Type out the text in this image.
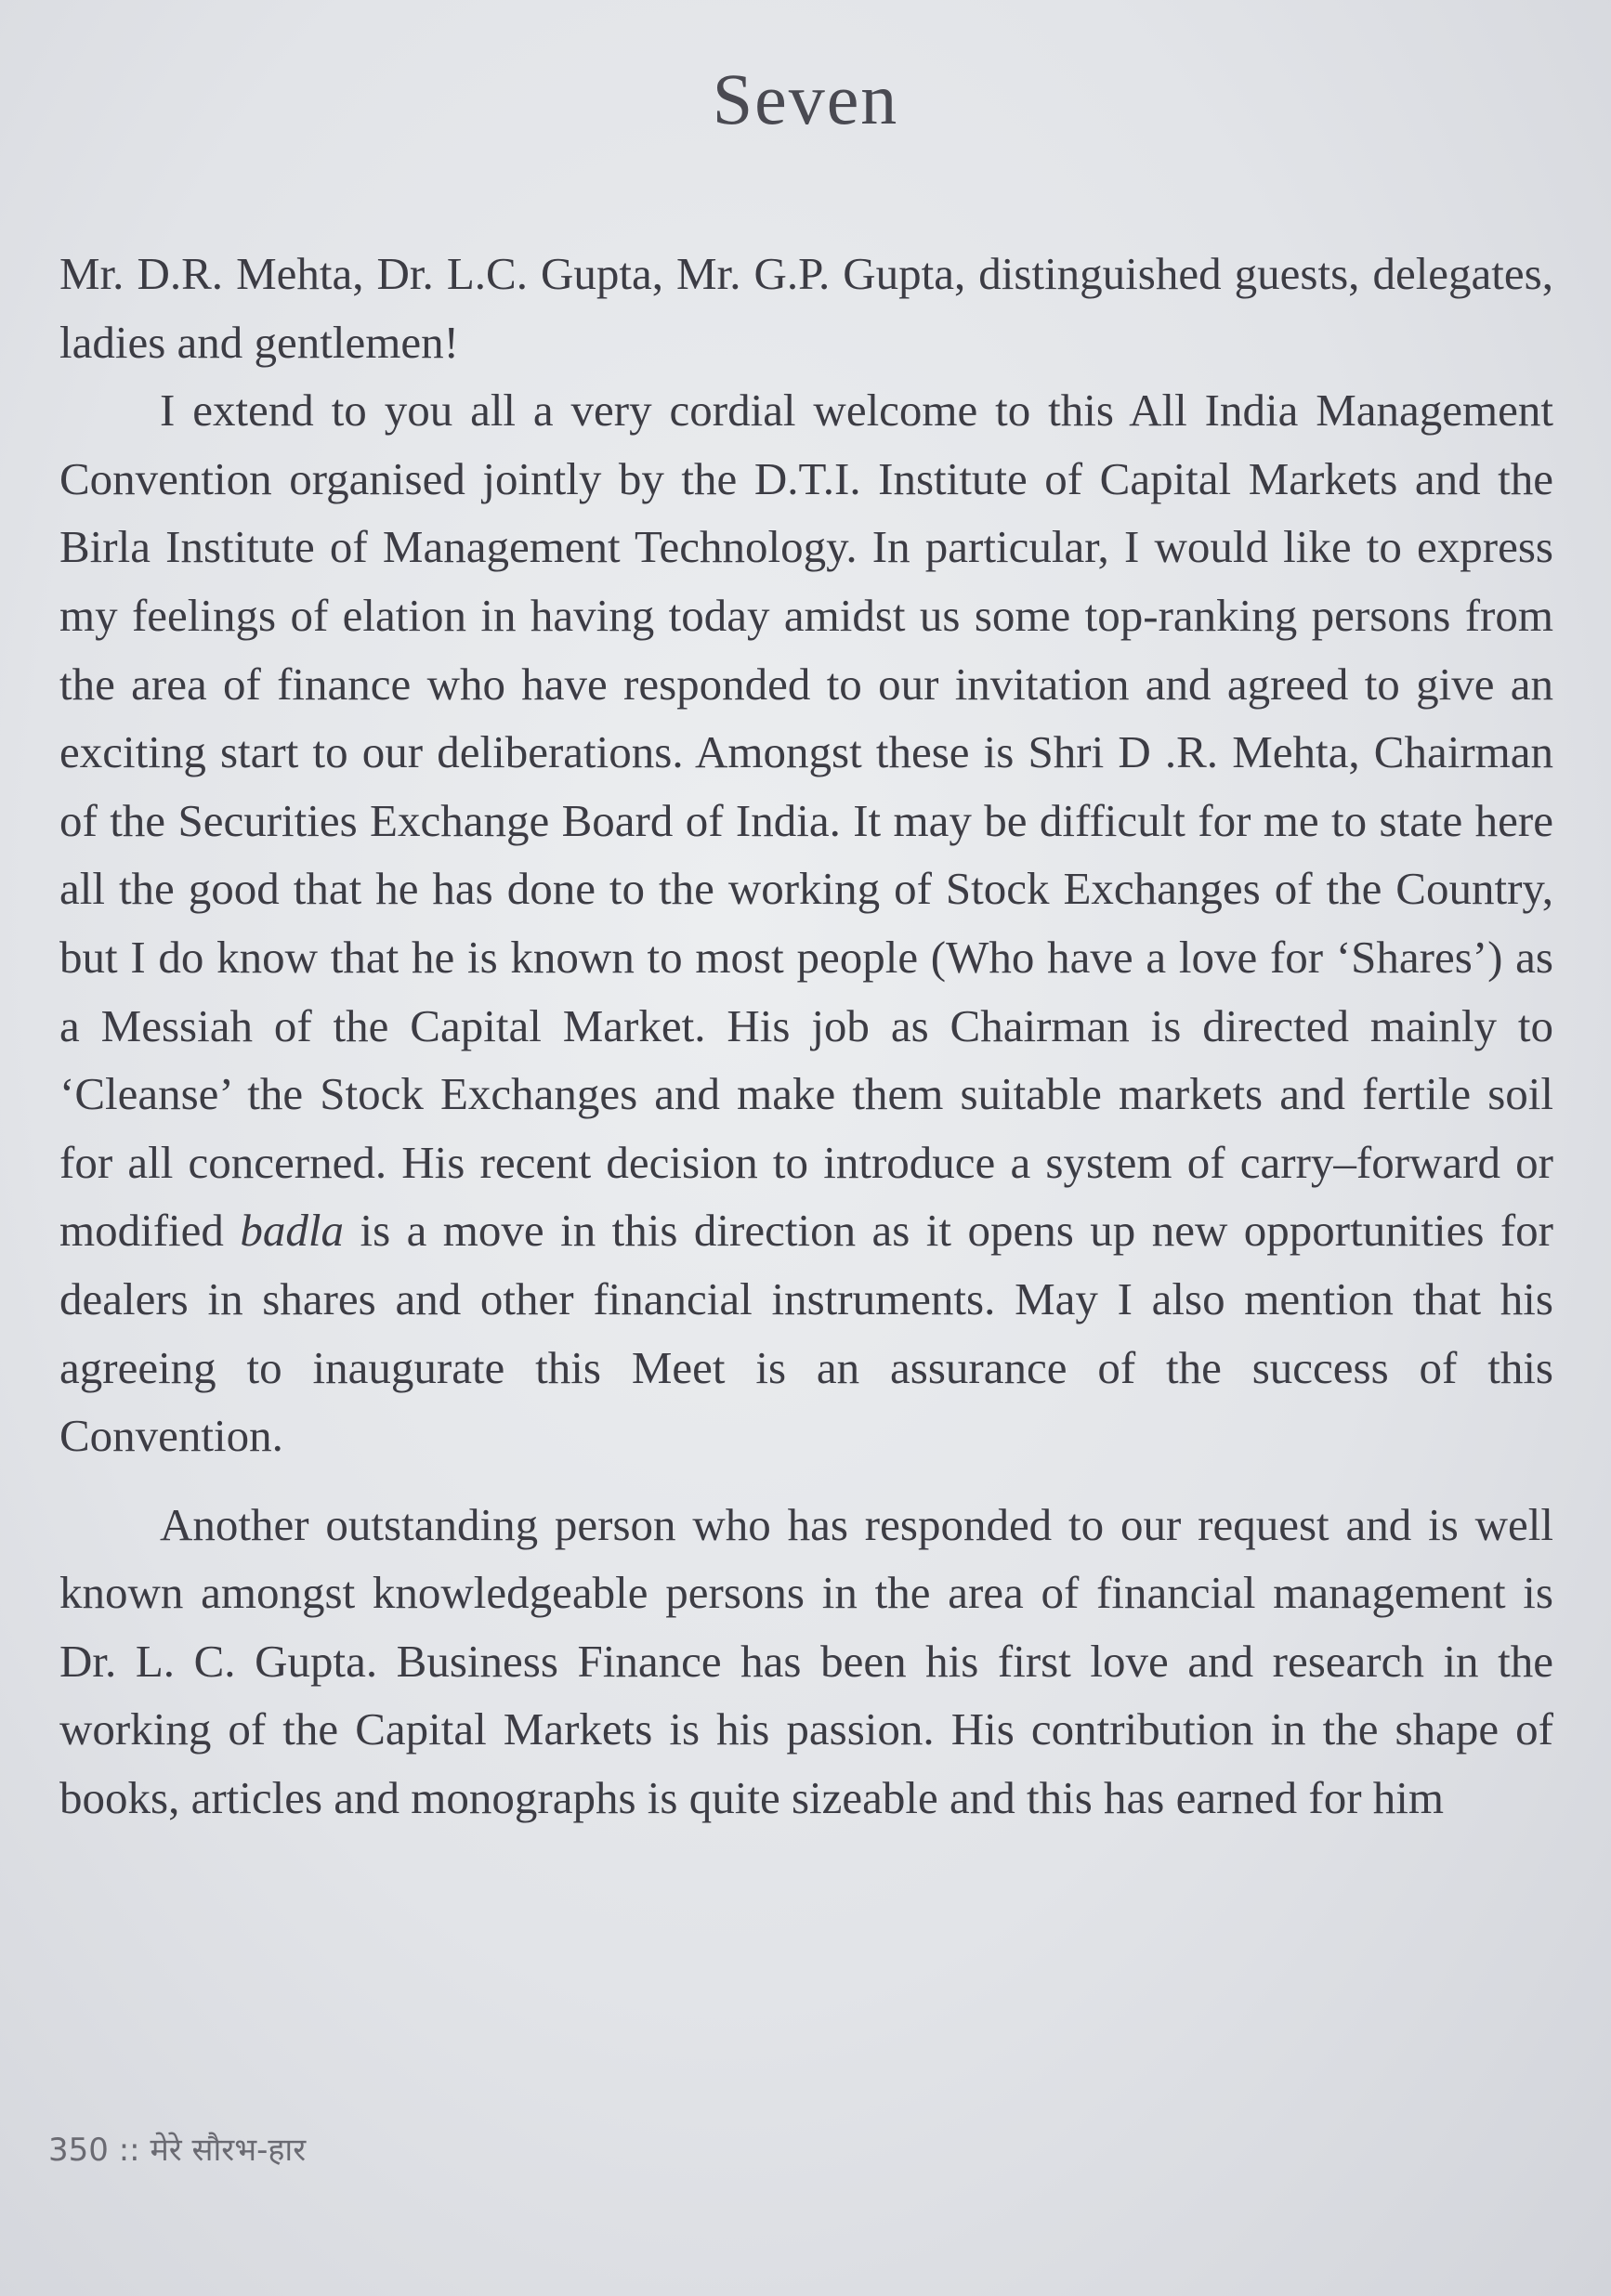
Seven

Mr. D.R. Mehta, Dr. L.C. Gupta, Mr. G.P. Gupta, distinguished guests, delegates, ladies and gentlemen!

I extend to you all a very cordial welcome to this All India Management Convention organised jointly by the D.T.I. Institute of Capital Markets and the Birla Institute of Management Technology. In particular, I would like to express my feelings of elation in having today amidst us some top-ranking persons from the area of finance who have responded to our invitation and agreed to give an exciting start to our deliberations. Amongst these is Shri D .R. Mehta, Chairman of the Securities Exchange Board of India. It may be difficult for me to state here all the good that he has done to the working of Stock Exchanges of the Country, but I do know that he is known to most people (Who have a love for ‘Shares’) as a Messiah of the Capital Market. His job as Chairman is directed mainly to ‘Cleanse’ the Stock Exchanges and make them suitable markets and fertile soil for all concerned. His recent decision to introduce a system of carry–forward or modified badla is a move in this direction as it opens up new opportunities for dealers in shares and other financial instruments. May I also mention that his agreeing to inaugurate this Meet is an assurance of the success of this Convention.

Another outstanding person who has responded to our request and is well known amongst knowledgeable persons in the area of financial management is Dr. L. C. Gupta. Business Finance has been his first love and research in the working of the Capital Markets is his passion. His contribution in the shape of books, articles and monographs is quite sizeable and this has earned for him

350 :: मेरे सौरभ-हार
